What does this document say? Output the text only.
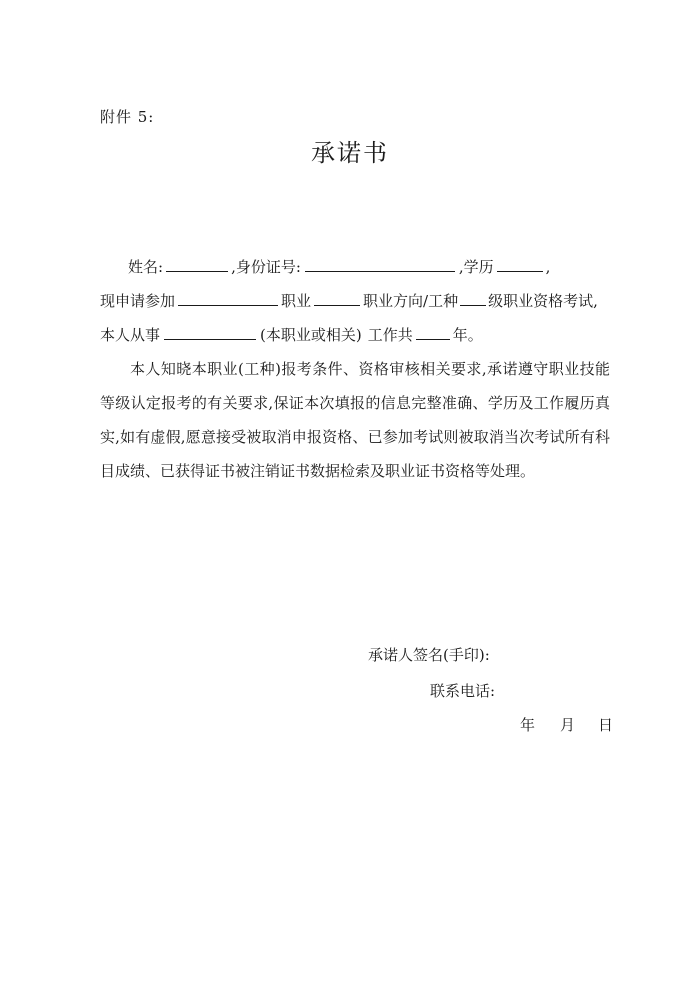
附件 5:
承诺书
姓名:	,身份证号:	,学历	,
现申请参加	职业	职业方向/工种 级职业资格考试,
本人从事	(本职业或相关) 工作共	年。
本人知晓本职业(工种)报考条件、资格审核相关要求,承诺遵守职业技能等级认定报考的有关要求,保证本次填报的信息完整准确、学历及工作履历真实,如有虚假,愿意接受被取消申报资格、已参加考试则被取消当次考试所有科目成绩、已获得证书被注销证书数据检索及职业证书资格等处理。
承诺人签名(手印):
联系电话:
年 月 日
